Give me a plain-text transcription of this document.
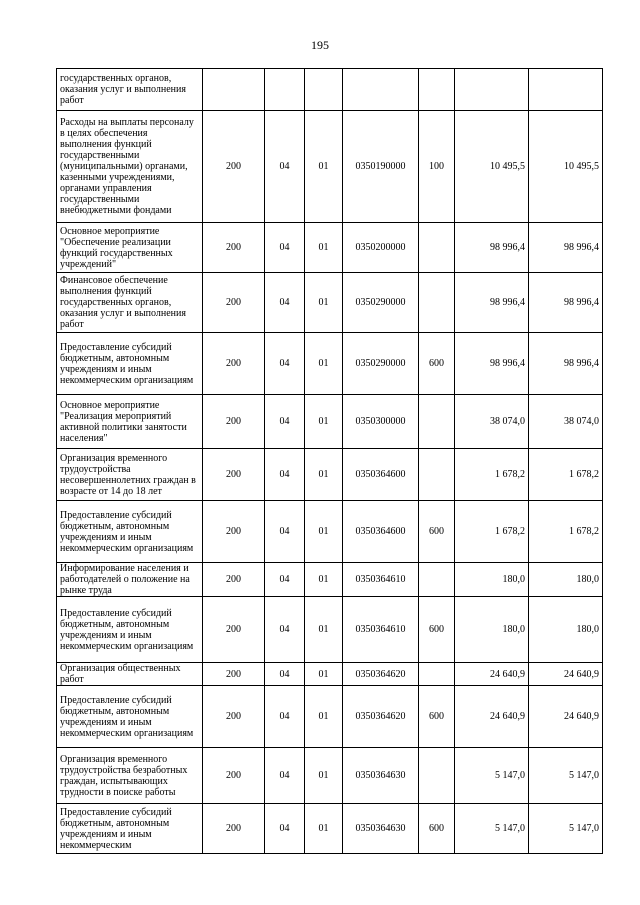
195
государственных органов, оказания услуг и выполнения работ							
Расходы на выплаты персоналу в целях обеспечения выполнения функций государственными (муниципальными) органами, казенными учреждениями, органами управления государственными внебюджетными фондами	200	04	01	0350190000	100	10 495,5	10 495,5
Основное мероприятие "Обеспечение реализации функций государственных учреждений"	200	04	01	0350200000		98 996,4	98 996,4
Финансовое обеспечение выполнения функций государственных органов, оказания услуг и выполнения работ	200	04	01	0350290000		98 996,4	98 996,4
Предоставление субсидий бюджетным, автономным учреждениям и иным некоммерческим организациям	200	04	01	0350290000	600	98 996,4	98 996,4
Основное мероприятие "Реализация мероприятий активной политики занятости населения"	200	04	01	0350300000		38 074,0	38 074,0
Организация временного трудоустройства несовершеннолетних граждан в возрасте от 14 до 18 лет	200	04	01	0350364600		1 678,2	1 678,2
Предоставление субсидий бюджетным, автономным учреждениям и иным некоммерческим организациям	200	04	01	0350364600	600	1 678,2	1 678,2
Информирование населения и работодателей о положение на рынке труда	200	04	01	0350364610		180,0	180,0
Предоставление субсидий бюджетным, автономным учреждениям и иным некоммерческим организациям	200	04	01	0350364610	600	180,0	180,0
Организация общественных работ	200	04	01	0350364620		24 640,9	24 640,9
Предоставление субсидий бюджетным, автономным учреждениям и иным некоммерческим организациям	200	04	01	0350364620	600	24 640,9	24 640,9
Организация временного трудоустройства безработных граждан, испытывающих трудности в поиске работы	200	04	01	0350364630		5 147,0	5 147,0
Предоставление субсидий бюджетным, автономным учреждениям и иным некоммерческим	200	04	01	0350364630	600	5 147,0	5 147,0
